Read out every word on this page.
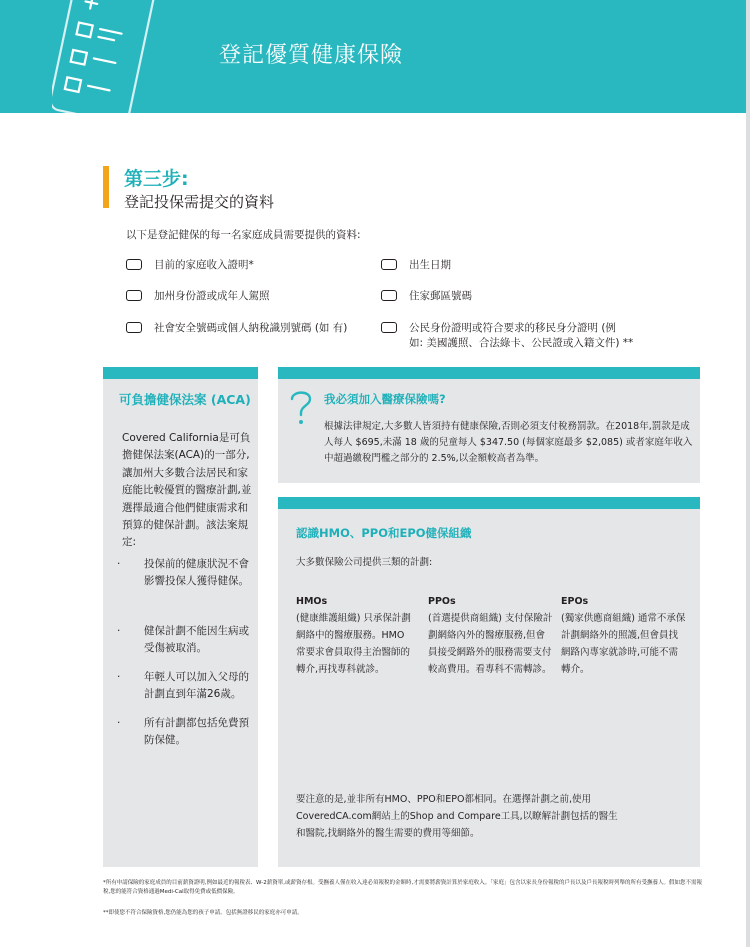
登記優質健康保險
第三步:
登記投保需提交的資料
以下是登記健保的每一名家庭成員需要提供的資料:
目前的家庭收入證明*
加州身份證或成年人駕照
社會安全號碼或個人納稅識別號碼 (如 有)
出生日期
住家郵區號碼
公民身份證明或符合要求的移民身分證明 (例
如: 美國護照、合法綠卡、公民證或入籍文件) **
可負擔健保法案 (ACA)
Covered California是可負擔健保法案(ACA)的一部分,讓加州大多數合法居民和家庭能比較優質的醫療計劃,並選擇最適合他們健康需求和預算的健保計劃。該法案規定:
· 投保前的健康狀況不會影響投保人獲得健保。
· 健保計劃不能因生病或受傷被取消。
· 年輕人可以加入父母的計劃直到年滿26歲。
· 所有計劃都包括免費預防保健。
我必須加入醫療保險嗎?
根據法律規定,大多數人皆須持有健康保險,否則必須支付稅務罰款。在2018年,罰款是成人每人 $695,未滿 18 歲的兒童每人 $347.50 (每個家庭最多 $2,085) 或者家庭年收入中超過繳稅門檻之部分的 2.5%,以金額較高者為準。
認識HMO、PPO和EPO健保組織
大多數保險公司提供三類的計劃:
HMOs
(健康維護組織) 只承保計劃網絡中的醫療服務。HMO常要求會員取得主治醫師的轉介,再找專科就診。
PPOs
(首選提供商組織) 支付保險計劃網絡內外的醫療服務,但會員接受網路外的服務需要支付較高費用。看專科不需轉診。
EPOs
(獨家供應商組織) 通常不承保計劃網絡外的照護,但會員找網路內專家就診時,可能不需轉介。
要注意的是,並非所有HMO、PPO和EPO都相同。在選擇計劃之前,使用 CoveredCA.com網站上的Shop and Compare工具,以瞭解計劃包括的醫生和醫院,找網絡外的醫生需要的費用等細節。
*所有申請保險的家庭成員的目前薪資證明,例如最近的報稅表、W-2薪資單,或薪資存根。受撫養人僅在收入達必須報稅的金額時,才需要將薪資計算於家庭收入。「家庭」包含以家長身份報稅的戶長以及戶長報稅時列舉的所有受撫養人。假如您不需報稅,您的能符合資格通過Medi-Cal取得免費或低價保險。
**即使您不符合保險資格,您仍能為您的孩子申請。包括無證移民的家庭亦可申請。
